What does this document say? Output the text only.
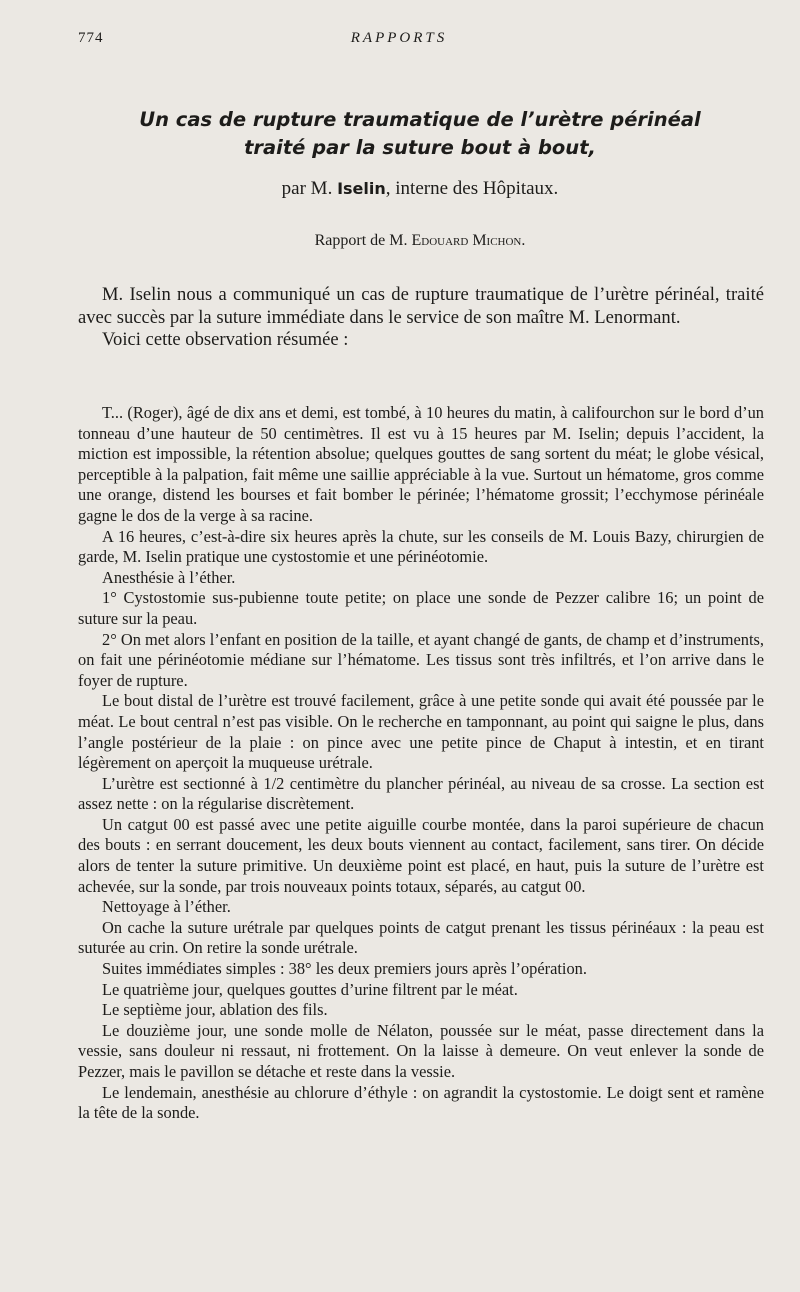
774	RAPPORTS
Un cas de rupture traumatique de l’urètre périnéal
traité par la suture bout à bout,
par M. Iselin, interne des Hôpitaux.
Rapport de M. Edouard Michon.

M. Iselin nous a communiqué un cas de rupture traumatique de l’urètre périnéal, traité avec succès par la suture immédiate dans le service de son maître M. Lenormant.

Voici cette observation résumée :

T... (Roger), âgé de dix ans et demi, est tombé, à 10 heures du matin, à califourchon sur le bord d’un tonneau d’une hauteur de 50 centimètres. Il est vu à 15 heures par M. Iselin; depuis l’accident, la miction est impossible, la rétention absolue; quelques gouttes de sang sortent du méat; le globe vésical, perceptible à la palpation, fait même une saillie appréciable à la vue. Surtout un hématome, gros comme une orange, distend les bourses et fait bomber le périnée; l’hématome grossit; l’ecchymose périnéale gagne le dos de la verge à sa racine.

A 16 heures, c’est-à-dire six heures après la chute, sur les conseils de M. Louis Bazy, chirurgien de garde, M. Iselin pratique une cystostomie et une périnéotomie.

Anesthésie à l’éther.

1° Cystostomie sus-pubienne toute petite; on place une sonde de Pezzer calibre 16; un point de suture sur la peau.

2° On met alors l’enfant en position de la taille, et ayant changé de gants, de champ et d’instruments, on fait une périnéotomie médiane sur l’hématome. Les tissus sont très infiltrés, et l’on arrive dans le foyer de rupture.

Le bout distal de l’urètre est trouvé facilement, grâce à une petite sonde qui avait été poussée par le méat. Le bout central n’est pas visible. On le recherche en tamponnant, au point qui saigne le plus, dans l’angle postérieur de la plaie : on pince avec une petite pince de Chaput à intestin, et en tirant légèrement on aperçoit la muqueuse urétrale.

L’urètre est sectionné à 1/2 centimètre du plancher périnéal, au niveau de sa crosse. La section est assez nette : on la régularise discrètement.

Un catgut 00 est passé avec une petite aiguille courbe montée, dans la paroi supérieure de chacun des bouts : en serrant doucement, les deux bouts viennent au contact, facilement, sans tirer. On décide alors de tenter la suture primitive. Un deuxième point est placé, en haut, puis la suture de l’urètre est achevée, sur la sonde, par trois nouveaux points totaux, séparés, au catgut 00.

Nettoyage à l’éther.

On cache la suture urétrale par quelques points de catgut prenant les tissus périnéaux : la peau est suturée au crin. On retire la sonde urétrale.

Suites immédiates simples : 38° les deux premiers jours après l’opération.

Le quatrième jour, quelques gouttes d’urine filtrent par le méat.

Le septième jour, ablation des fils.

Le douzième jour, une sonde molle de Nélaton, poussée sur le méat, passe directement dans la vessie, sans douleur ni ressaut, ni frottement. On la laisse à demeure. On veut enlever la sonde de Pezzer, mais le pavillon se détache et reste dans la vessie.

Le lendemain, anesthésie au chlorure d’éthyle : on agrandit la cystostomie. Le doigt sent et ramène la tête de la sonde.
